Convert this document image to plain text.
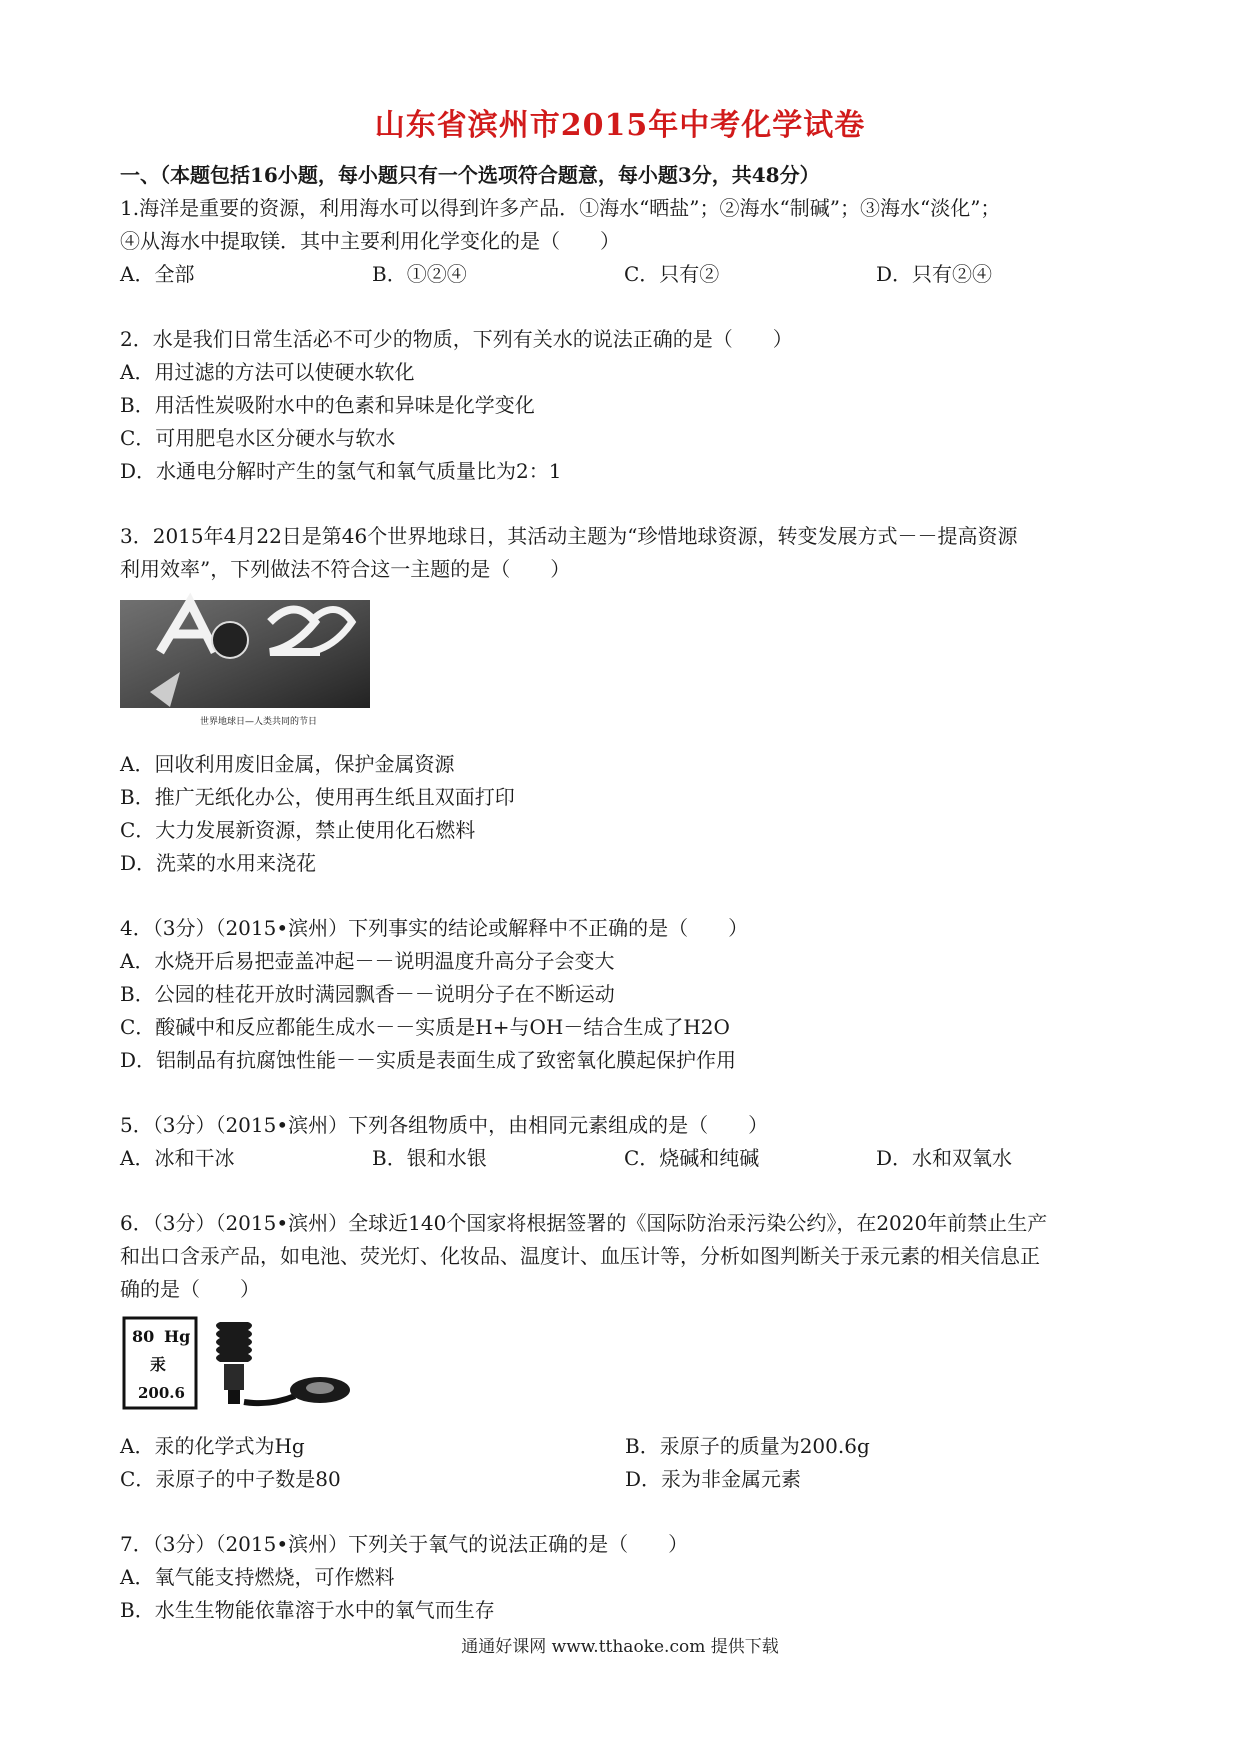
山东省滨州市2015年中考化学试卷
一、（本题包括16小题，每小题只有一个选项符合题意，每小题3分，共48分）
1.海洋是重要的资源，利用海水可以得到许多产品．①海水“晒盐”；②海水“制碱”；③海水“淡化”；
④从海水中提取镁．其中主要利用化学变化的是（　　）
A．全部	B．①②④	C．只有②	D．只有②④
2．水是我们日常生活必不可少的物质，下列有关水的说法正确的是（　　）
A．用过滤的方法可以使硬水软化
B．用活性炭吸附水中的色素和异味是化学变化
C．可用肥皂水区分硬水与软水
D．水通电分解时产生的氢气和氧气质量比为2：1
3．2015年4月22日是第46个世界地球日，其活动主题为“珍惜地球资源，转变发展方式－－提高资源
利用效率”，下列做法不符合这一主题的是（　　）
世界地球日—人类共同的节日
A．回收利用废旧金属，保护金属资源
B．推广无纸化办公，使用再生纸且双面打印
C．大力发展新资源，禁止使用化石燃料
D．洗菜的水用来浇花
4．（3分）（2015•滨州）下列事实的结论或解释中不正确的是（　　）
A．水烧开后易把壶盖冲起－－说明温度升高分子会变大
B．公园的桂花开放时满园飘香－－说明分子在不断运动
C．酸碱中和反应都能生成水－－实质是H+与OH－结合生成了H2O
D．铝制品有抗腐蚀性能－－实质是表面生成了致密氧化膜起保护作用
5．（3分）（2015•滨州）下列各组物质中，由相同元素组成的是（　　）
A．冰和干冰	B．银和水银	C．烧碱和纯碱	D．水和双氧水
6．（3分）（2015•滨州）全球近140个国家将根据签署的《国际防治汞污染公约》，在2020年前禁止生产
和出口含汞产品，如电池、荧光灯、化妆品、温度计、血压计等，分析如图判断关于汞元素的相关信息正
确的是（　　）
80 Hg
汞
200.6
A．汞的化学式为Hg	B．汞原子的质量为200.6g
C．汞原子的中子数是80	D．汞为非金属元素
7．（3分）（2015•滨州）下列关于氧气的说法正确的是（　　）
A．氧气能支持燃烧，可作燃料
B．水生生物能依靠溶于水中的氧气而生存
通通好课网 www.tthaoke.com 提供下载
